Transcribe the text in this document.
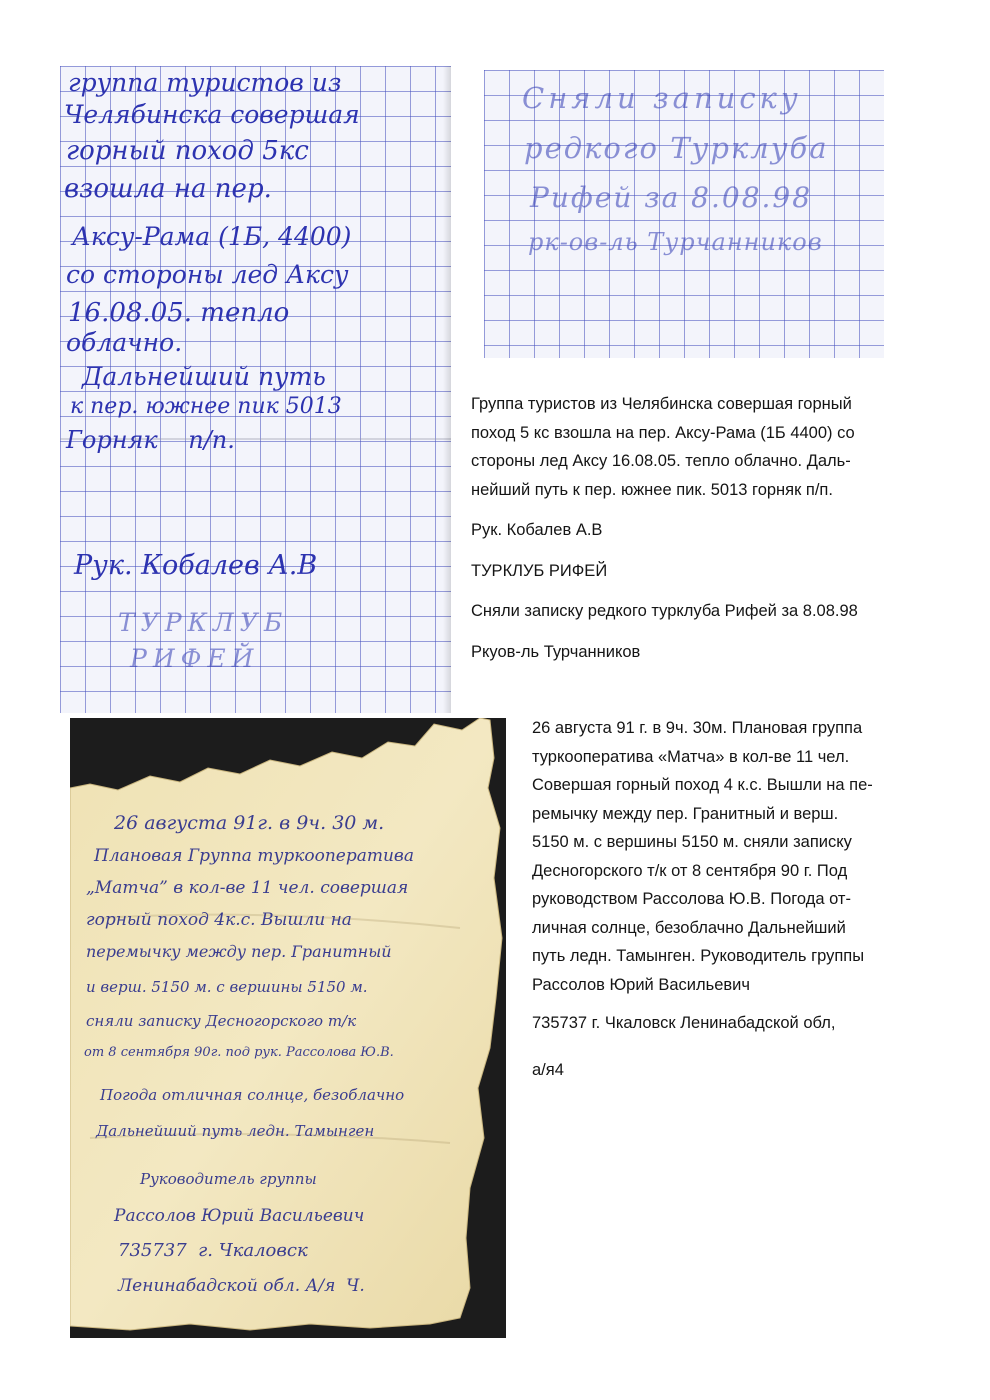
группа туристов из
Челябинска совершая
горный поход 5кс
взошла на пер.
Аксу-Рама (1Б, 4400)
со стороны лед Аксу
16.08.05. тепло
облачно.
Дальнейший путь
к пер. южнее пик 5013
Горняк    п/п.
Рук. Кобалев А.В
ТУРКЛУБ
РИФЕЙ
Сняли записку
редкого Турклуба
Рифей за 8.08.98
рк-ов-ль Турчанников

Группа туристов из Челябинска совершая горный

поход 5 кс взошла на пер. Аксу-Рама (1Б 4400) со

стороны лед Аксу 16.08.05. тепло облачно. Даль-

нейший путь к пер. южнее пик. 5013 горняк п/п.

Рук. Кобалев А.В

ТУРКЛУБ РИФЕЙ

Сняли записку редкого турклуба Рифей за 8.08.98

Ркуов-ль Турчанников

26 августа 91г. в 9ч. 30 м.
Плановая Группа туркооператива
„Матча” в кол-ве 11 чел. совершая
горный поход 4к.с. Вышли на
перемычку между пер. Гранитный
и верш. 5150 м. с вершины 5150 м.
сняли записку Десногорского т/к
от 8 сентября 90г. под рук. Рассолова Ю.В.
Погода отличная солнце, безоблачно
Дальнейший путь ледн. Тамынген
Руководитель группы
Рассолов Юрий Васильевич
735737  г. Чкаловск
Ленинабадской обл. А/я  Ч.

26 августа 91 г. в 9ч. 30м. Плановая группа

туркооператива «Матча» в кол-ве 11 чел.

Совершая горный поход 4 к.с. Вышли на пе-

ремычку между пер. Гранитный и верш.

5150 м. с вершины 5150 м. сняли записку

Десногорского т/к от 8 сентября 90 г. Под

руководством Рассолова Ю.В. Погода от-

личная солнце, безоблачно Дальнейший

путь ледн. Тамынген. Руководитель группы

Рассолов Юрий Васильевич

735737 г. Чкаловск Ленинабадской обл,

а/я4
